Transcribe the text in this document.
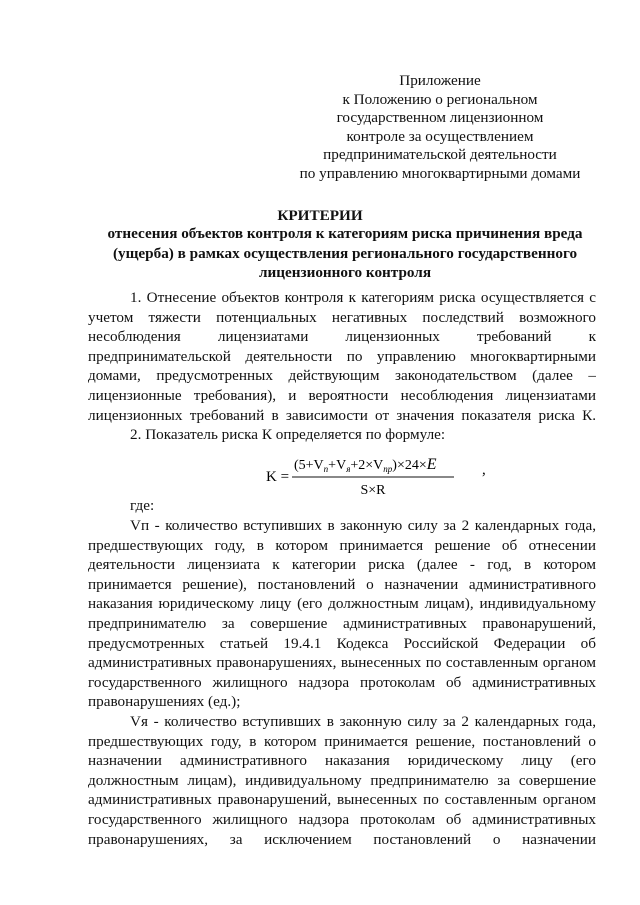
Приложение
к Положению о региональном
государственном лицензионном
контроле за осуществлением
предпринимательской деятельности
по управлению многоквартирными домами
КРИТЕРИИ
отнесения объектов контроля к категориям риска причинения вреда
(ущерба) в рамках осуществления регионального государственного
лицензионного контроля
1. Отнесение объектов контроля к категориям риска осуществляется с
учетом тяжести потенциальных негативных последствий возможного
несоблюдения лицензиатами лицензионных требований к
предпринимательской деятельности по управлению многоквартирными
домами, предусмотренных действующим законодательством (далее –
лицензионные требования), и вероятности несоблюдения лицензиатами
лицензионных требований в зависимости от значения показателя риска К.
2. Показатель риска К определяется по формуле:
K =
$(5+V_п+V_я+2\times V_{пр})\times 24\times E$
S×R
,
где:
Vп - количество вступивших в законную силу за 2 календарных года,
предшествующих году, в котором принимается решение об отнесении
деятельности лицензиата к категории риска (далее - год, в котором
принимается решение), постановлений о назначении административного
наказания юридическому лицу (его должностным лицам), индивидуальному
предпринимателю за совершение административных правонарушений,
предусмотренных статьей 19.4.1 Кодекса Российской Федерации об
административных правонарушениях, вынесенных по составленным органом
государственного жилищного надзора протоколам об административных
правонарушениях (ед.);
Vя - количество вступивших в законную силу за 2 календарных года,
предшествующих году, в котором принимается решение, постановлений о
назначении административного наказания юридическому лицу (его
должностным лицам), индивидуальному предпринимателю за совершение
административных правонарушений, вынесенных по составленным органом
государственного жилищного надзора протоколам об административных
правонарушениях, за исключением постановлений о назначении
